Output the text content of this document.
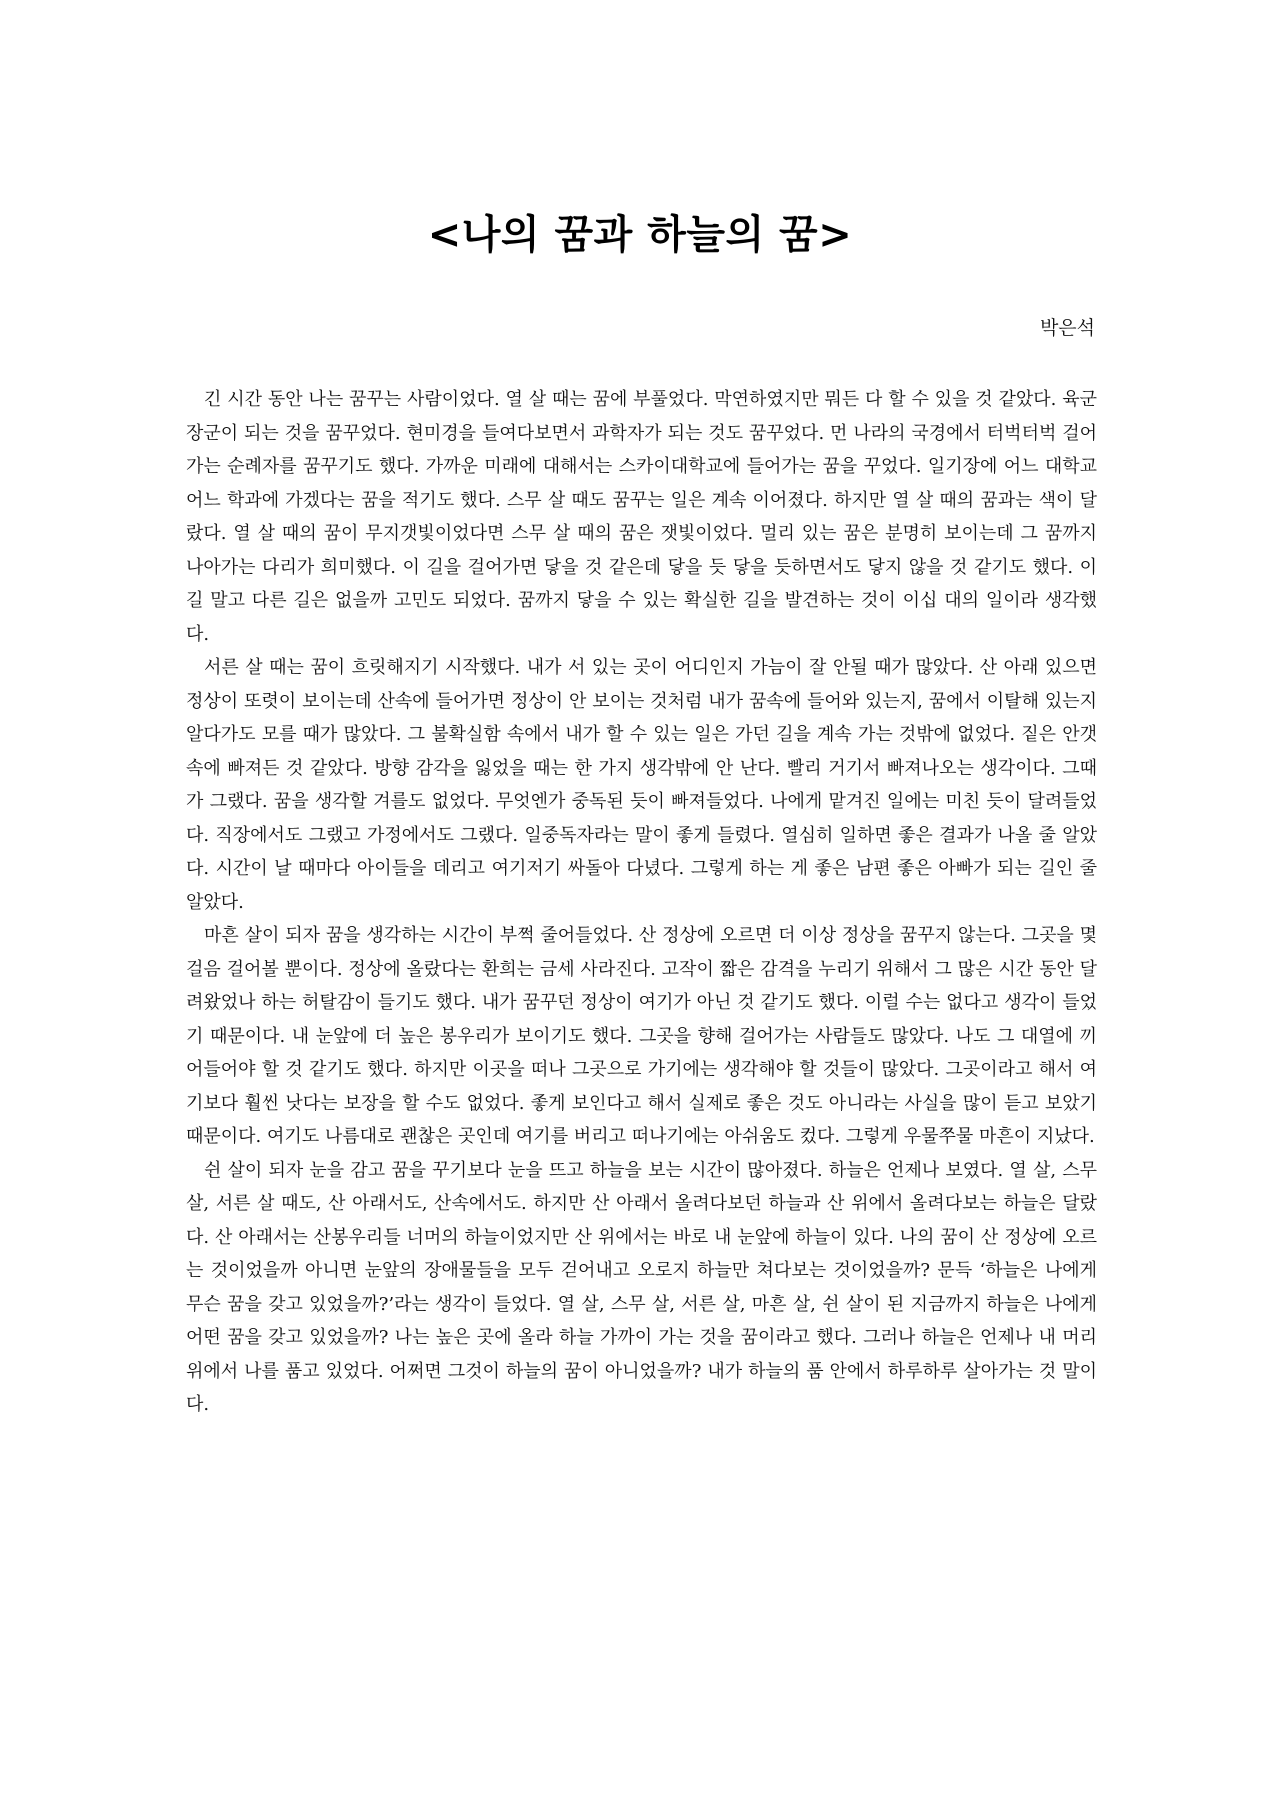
<나의 꿈과 하늘의 꿈>

박은석

긴 시간 동안 나는 꿈꾸는 사람이었다. 열 살 때는 꿈에 부풀었다. 막연하였지만 뭐든 다 할 수 있을 것 같았다. 육군 장군이 되는 것을 꿈꾸었다. 현미경을 들여다보면서 과학자가 되는 것도 꿈꾸었다. 먼 나라의 국경에서 터벅터벅 걸어가는 순례자를 꿈꾸기도 했다. 가까운 미래에 대해서는 스카이대학교에 들어가는 꿈을 꾸었다. 일기장에 어느 대학교 어느 학과에 가겠다는 꿈을 적기도 했다. 스무 살 때도 꿈꾸는 일은 계속 이어졌다. 하지만 열 살 때의 꿈과는 색이 달랐다. 열 살 때의 꿈이 무지갯빛이었다면 스무 살 때의 꿈은 잿빛이었다. 멀리 있는 꿈은 분명히 보이는데 그 꿈까지 나아가는 다리가 희미했다. 이 길을 걸어가면 닿을 것 같은데 닿을 듯 닿을 듯하면서도 닿지 않을 것 같기도 했다. 이 길 말고 다른 길은 없을까 고민도 되었다. 꿈까지 닿을 수 있는 확실한 길을 발견하는 것이 이십 대의 일이라 생각했다.

서른 살 때는 꿈이 흐릿해지기 시작했다. 내가 서 있는 곳이 어디인지 가늠이 잘 안될 때가 많았다. 산 아래 있으면 정상이 또렷이 보이는데 산속에 들어가면 정상이 안 보이는 것처럼 내가 꿈속에 들어와 있는지, 꿈에서 이탈해 있는지 알다가도 모를 때가 많았다. 그 불확실함 속에서 내가 할 수 있는 일은 가던 길을 계속 가는 것밖에 없었다. 짙은 안갯속에 빠져든 것 같았다. 방향 감각을 잃었을 때는 한 가지 생각밖에 안 난다. 빨리 거기서 빠져나오는 생각이다. 그때가 그랬다. 꿈을 생각할 겨를도 없었다. 무엇엔가 중독된 듯이 빠져들었다. 나에게 맡겨진 일에는 미친 듯이 달려들었다. 직장에서도 그랬고 가정에서도 그랬다. 일중독자라는 말이 좋게 들렸다. 열심히 일하면 좋은 결과가 나올 줄 알았다. 시간이 날 때마다 아이들을 데리고 여기저기 싸돌아 다녔다. 그렇게 하는 게 좋은 남편 좋은 아빠가 되는 길인 줄 알았다.

마흔 살이 되자 꿈을 생각하는 시간이 부쩍 줄어들었다. 산 정상에 오르면 더 이상 정상을 꿈꾸지 않는다. 그곳을 몇 걸음 걸어볼 뿐이다. 정상에 올랐다는 환희는 금세 사라진다. 고작이 짧은 감격을 누리기 위해서 그 많은 시간 동안 달려왔었나 하는 허탈감이 들기도 했다. 내가 꿈꾸던 정상이 여기가 아닌 것 같기도 했다. 이럴 수는 없다고 생각이 들었기 때문이다. 내 눈앞에 더 높은 봉우리가 보이기도 했다. 그곳을 향해 걸어가는 사람들도 많았다. 나도 그 대열에 끼어들어야 할 것 같기도 했다. 하지만 이곳을 떠나 그곳으로 가기에는 생각해야 할 것들이 많았다. 그곳이라고 해서 여기보다 훨씬 낫다는 보장을 할 수도 없었다. 좋게 보인다고 해서 실제로 좋은 것도 아니라는 사실을 많이 듣고 보았기 때문이다. 여기도 나름대로 괜찮은 곳인데 여기를 버리고 떠나기에는 아쉬움도 컸다. 그렇게 우물쭈물 마흔이 지났다.

쉰 살이 되자 눈을 감고 꿈을 꾸기보다 눈을 뜨고 하늘을 보는 시간이 많아졌다. 하늘은 언제나 보였다. 열 살, 스무 살, 서른 살 때도, 산 아래서도, 산속에서도. 하지만 산 아래서 올려다보던 하늘과 산 위에서 올려다보는 하늘은 달랐다. 산 아래서는 산봉우리들 너머의 하늘이었지만 산 위에서는 바로 내 눈앞에 하늘이 있다. 나의 꿈이 산 정상에 오르는 것이었을까 아니면 눈앞의 장애물들을 모두 걷어내고 오로지 하늘만 쳐다보는 것이었을까? 문득 ‘하늘은 나에게 무슨 꿈을 갖고 있었을까?’라는 생각이 들었다. 열 살, 스무 살, 서른 살, 마흔 살, 쉰 살이 된 지금까지 하늘은 나에게 어떤 꿈을 갖고 있었을까? 나는 높은 곳에 올라 하늘 가까이 가는 것을 꿈이라고 했다. 그러나 하늘은 언제나 내 머리 위에서 나를 품고 있었다. 어쩌면 그것이 하늘의 꿈이 아니었을까? 내가 하늘의 품 안에서 하루하루 살아가는 것 말이다.
